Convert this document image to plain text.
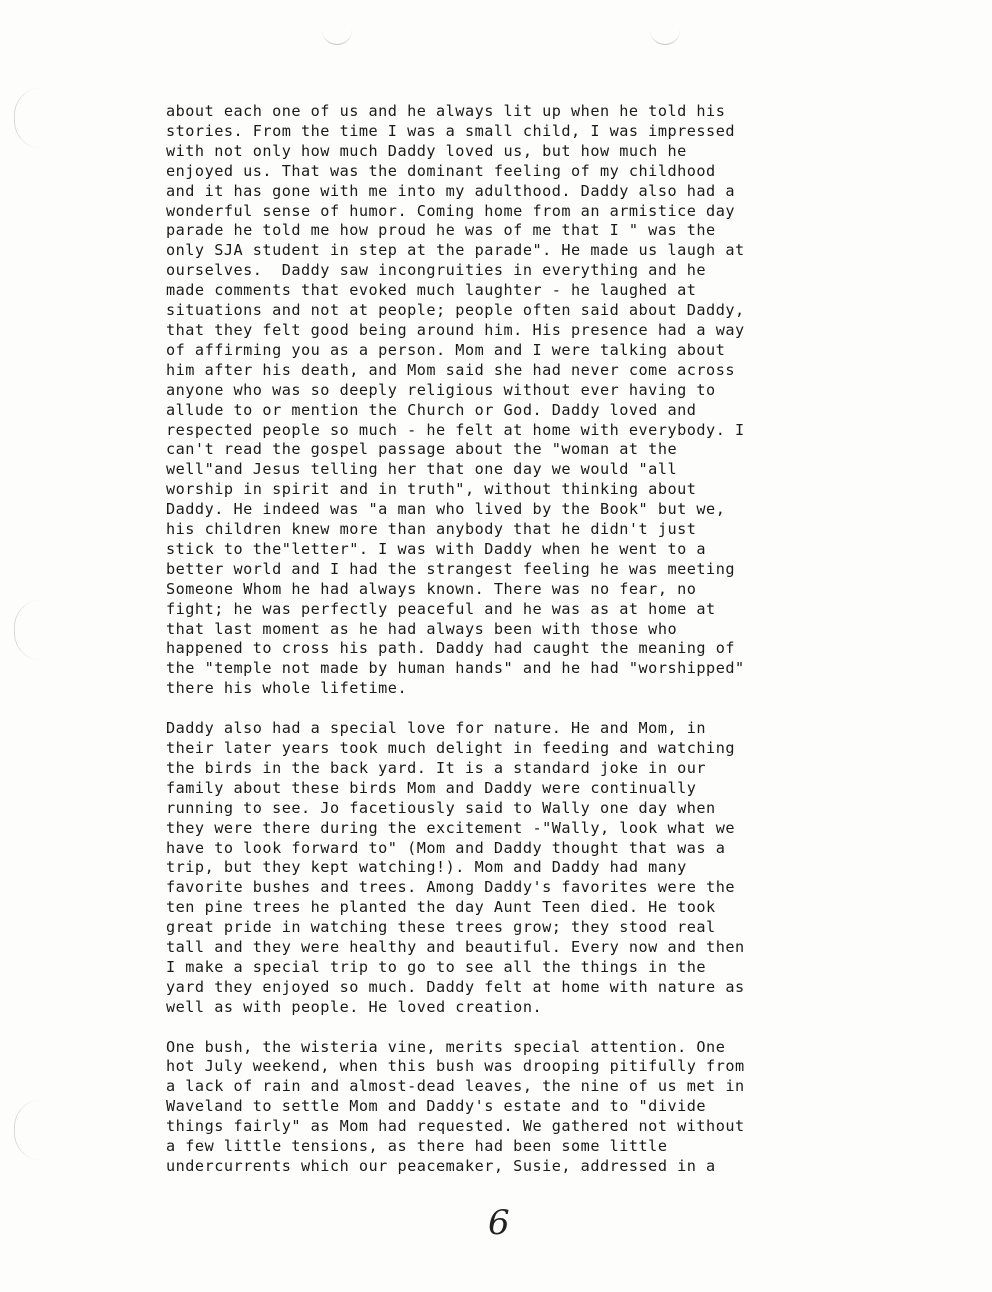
about each one of us and he always lit up when he told his
stories. From the time I was a small child, I was impressed
with not only how much Daddy loved us, but how much he
enjoyed us. That was the dominant feeling of my childhood
and it has gone with me into my adulthood. Daddy also had a
wonderful sense of humor. Coming home from an armistice day
parade he told me how proud he was of me that I " was the
only SJA student in step at the parade". He made us laugh at
ourselves.  Daddy saw incongruities in everything and he
made comments that evoked much laughter - he laughed at
situations and not at people; people often said about Daddy,
that they felt good being around him. His presence had a way
of affirming you as a person. Mom and I were talking about
him after his death, and Mom said she had never come across
anyone who was so deeply religious without ever having to
allude to or mention the Church or God. Daddy loved and
respected people so much - he felt at home with everybody. I
can't read the gospel passage about the "woman at the
well"and Jesus telling her that one day we would "all
worship in spirit and in truth", without thinking about
Daddy. He indeed was "a man who lived by the Book" but we,
his children knew more than anybody that he didn't just
stick to the"letter". I was with Daddy when he went to a
better world and I had the strangest feeling he was meeting
Someone Whom he had always known. There was no fear, no
fight; he was perfectly peaceful and he was as at home at
that last moment as he had always been with those who
happened to cross his path. Daddy had caught the meaning of
the "temple not made by human hands" and he had "worshipped"
there his whole lifetime.
Daddy also had a special love for nature. He and Mom, in
their later years took much delight in feeding and watching
the birds in the back yard. It is a standard joke in our
family about these birds Mom and Daddy were continually
running to see. Jo facetiously said to Wally one day when
they were there during the excitement -"Wally, look what we
have to look forward to" (Mom and Daddy thought that was a
trip, but they kept watching!). Mom and Daddy had many
favorite bushes and trees. Among Daddy's favorites were the
ten pine trees he planted the day Aunt Teen died. He took
great pride in watching these trees grow; they stood real
tall and they were healthy and beautiful. Every now and then
I make a special trip to go to see all the things in the
yard they enjoyed so much. Daddy felt at home with nature as
well as with people. He loved creation.
One bush, the wisteria vine, merits special attention. One
hot July weekend, when this bush was drooping pitifully from
a lack of rain and almost-dead leaves, the nine of us met in
Waveland to settle Mom and Daddy's estate and to "divide
things fairly" as Mom had requested. We gathered not without
a few little tensions, as there had been some little
undercurrents which our peacemaker, Susie, addressed in a
6
